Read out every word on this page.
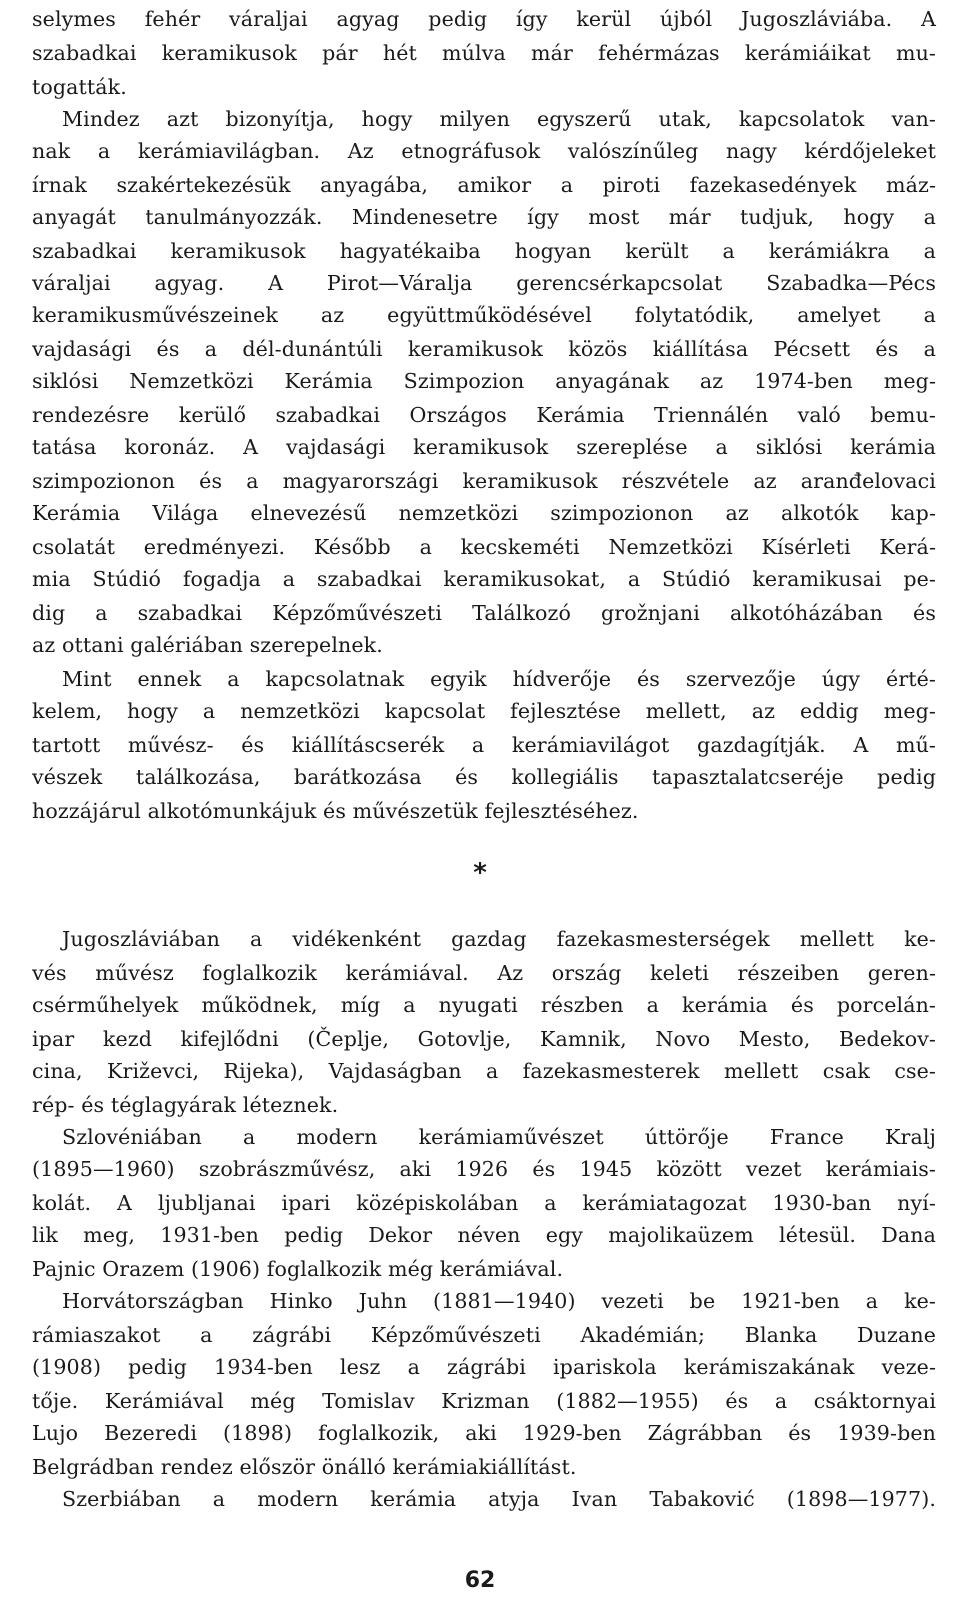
selymes fehér váraljai agyag pedig így kerül újból Jugoszláviába. A
szabadkai keramikusok pár hét múlva már fehérmázas kerámiáikat mu-
togatták.
Mindez azt bizonyítja, hogy milyen egyszerű utak, kapcsolatok van-
nak a kerámiavilágban. Az etnográfusok valószínűleg nagy kérdőjeleket
írnak szakértekezésük anyagába, amikor a piroti fazekasedények máz-
anyagát tanulmányozzák. Mindenesetre így most már tudjuk, hogy a
szabadkai keramikusok hagyatékaiba hogyan került a kerámiákra a
váraljai agyag. A Pirot—Váralja gerencsérkapcsolat Szabadka—Pécs
keramikusművészeinek az együttműködésével folytatódik, amelyet a
vajdasági és a dél-dunántúli keramikusok közös kiállítása Pécsett és a
siklósi Nemzetközi Kerámia Szimpozion anyagának az 1974-ben meg-
rendezésre kerülő szabadkai Országos Kerámia Triennálén való bemu-
tatása koronáz. A vajdasági keramikusok szereplése a siklósi kerámia
szimpozionon és a magyarországi keramikusok részvétele az aranđelovaci
Kerámia Világa elnevezésű nemzetközi szimpozionon az alkotók kap-
csolatát eredményezi. Később a kecskeméti Nemzetközi Kísérleti Kerá-
mia Stúdió fogadja a szabadkai keramikusokat, a Stúdió keramikusai pe-
dig a szabadkai Képzőművészeti Találkozó grožnjani alkotóházában és
az ottani galériában szerepelnek.
Mint ennek a kapcsolatnak egyik hídverője és szervezője úgy érté-
kelem, hogy a nemzetközi kapcsolat fejlesztése mellett, az eddig meg-
tartott művész- és kiállításcserék a kerámiavilágot gazdagítják. A mű-
vészek találkozása, barátkozása és kollegiális tapasztalatcseréje pedig
hozzájárul alkotómunkájuk és művészetük fejlesztéséhez.
Jugoszláviában a vidékenként gazdag fazekasmesterségek mellett ke-
vés művész foglalkozik kerámiával. Az ország keleti részeiben geren-
csérműhelyek működnek, míg a nyugati részben a kerámia és porcelán-
ipar kezd kifejlődni (Čeplje, Gotovlje, Kamnik, Novo Mesto, Bedekov-
cina, Križevci, Rijeka), Vajdaságban a fazekasmesterek mellett csak cse-
rép- és téglagyárak léteznek.
Szlovéniában a modern kerámiaművészet úttörője France Kralj
(1895—1960) szobrászművész, aki 1926 és 1945 között vezet kerámiais-
kolát. A ljubljanai ipari középiskolában a kerámiatagozat 1930-ban nyí-
lik meg, 1931-ben pedig Dekor néven egy majolikaüzem létesül. Dana
Pajnic Orazem (1906) foglalkozik még kerámiával.
Horvátországban Hinko Juhn (1881—1940) vezeti be 1921-ben a ke-
rámiaszakot a zágrábi Képzőművészeti Akadémián; Blanka Duzane
(1908) pedig 1934-ben lesz a zágrábi ipariskola kerámiszakának veze-
tője. Kerámiával még Tomislav Krizman (1882—1955) és a csáktornyai
Lujo Bezeredi (1898) foglalkozik, aki 1929-ben Zágrábban és 1939-ben
Belgrádban rendez először önálló kerámiakiállítást.
Szerbiában a modern kerámia atyja Ivan Tabaković (1898—1977).
*
62
